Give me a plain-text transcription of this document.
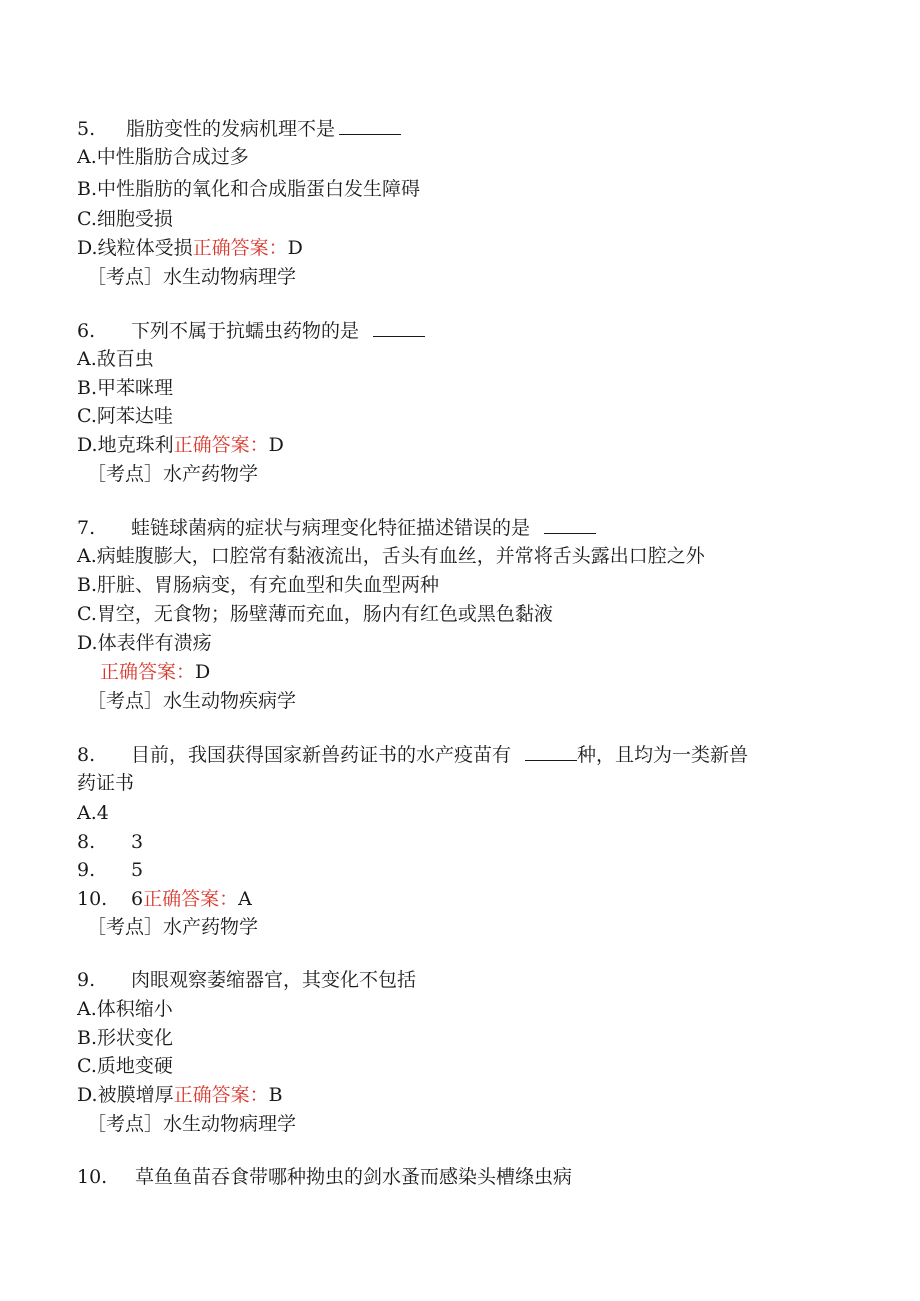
5. 脂肪变性的发病机理不是
A.中性脂肪合成过多
B.中性脂肪的氧化和合成脂蛋白发生障碍
C.细胞受损
D.线粒体受损正确答案：D
［考点］水生动物病理学
6. 下列不属于抗蠕虫药物的是
A.敌百虫
B.甲苯咪理
C.阿苯达哇
D.地克珠利正确答案：D
［考点］水产药物学
7. 蛙链球菌病的症状与病理变化特征描述错误的是
A.病蛙腹膨大，口腔常有黏液流出，舌头有血丝，并常将舌头露出口腔之外
B.肝脏、胃肠病变，有充血型和失血型两种
C.胃空，无食物；肠壁薄而充血，肠内有红色或黑色黏液
D.体表伴有溃疡
正确答案：D
［考点］水生动物疾病学
8. 目前，我国获得国家新兽药证书的水产疫苗有	种，且均为一类新兽
药证书
A.4
8. 3
9. 5
10. 6正确答案：A
［考点］水产药物学
9. 肉眼观察萎缩器官，其变化不包括
A.体积缩小
B.形状变化
C.质地变硬
D.被膜增厚正确答案：B
［考点］水生动物病理学
10. 草鱼鱼苗吞食带哪种拗虫的剑水蚤而感染头槽绦虫病
